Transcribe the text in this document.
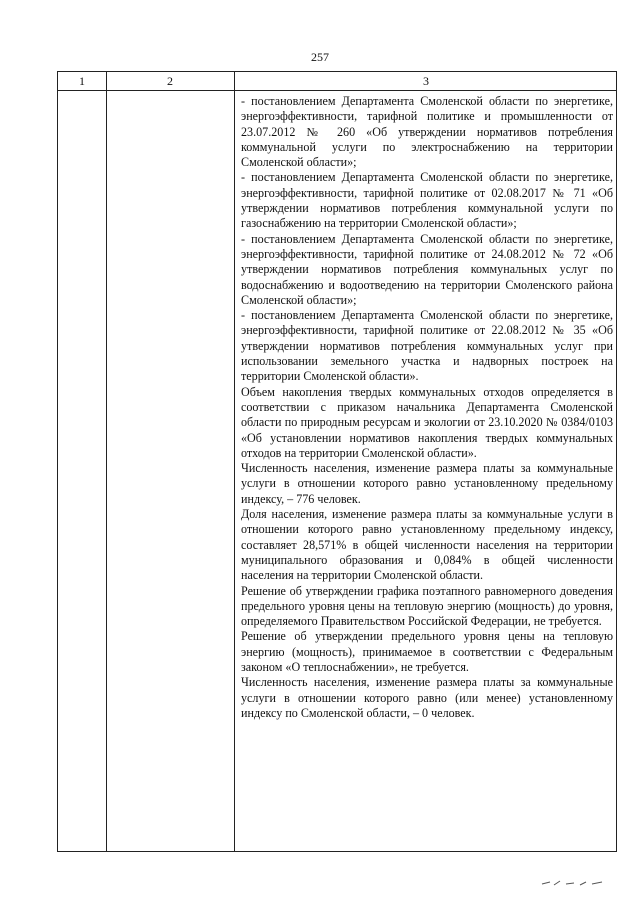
257
1	2	3

- постановлением Департамента Смоленской области по энергетике, энергоэффективности, тарифной политике и промышленности от 23.07.2012 № 260 «Об утверждении нормативов потребления коммунальной услуги по электроснабжению на территории Смоленской области»;

- постановлением Департамента Смоленской области по энергетике, энергоэффективности, тарифной политике от 02.08.2017 № 71 «Об утверждении нормативов потребления коммунальной услуги по газоснабжению на территории Смоленской области»;

- постановлением Департамента Смоленской области по энергетике, энергоэффективности, тарифной политике от 24.08.2012 № 72 «Об утверждении нормативов потребления коммунальных услуг по водоснабжению и водоотведению на территории Смоленского района Смоленской области»;

- постановлением Департамента Смоленской области по энергетике, энергоэффективности, тарифной политике от 22.08.2012 № 35 «Об утверждении нормативов потребления коммунальных услуг при использовании земельного участка и надворных построек на территории Смоленской области».

Объем накопления твердых коммунальных отходов определяется в соответствии с приказом начальника Департамента Смоленской области по природным ресурсам и экологии от 23.10.2020 № 0384/0103 «Об установлении нормативов накопления твердых коммунальных отходов на территории Смоленской области».

Численность населения, изменение размера платы за коммунальные услуги в отношении которого равно установленному предельному индексу, – 776 человек.

Доля населения, изменение размера платы за коммунальные услуги в отношении которого равно установленному предельному индексу, составляет 28,571% в общей численности населения на территории муниципального образования и 0,084% в общей численности населения на территории Смоленской области.

Решение об утверждении графика поэтапного равномерного доведения предельного уровня цены на тепловую энергию (мощность) до уровня, определяемого Правительством Российской Федерации, не требуется.

Решение об утверждении предельного уровня цены на тепловую энергию (мощность), принимаемое в соответствии с Федеральным законом «О теплоснабжении», не требуется.

Численность населения, изменение размера платы за коммунальные услуги в отношении которого равно (или менее) установленному индексу по Смоленской области, – 0 человек.
